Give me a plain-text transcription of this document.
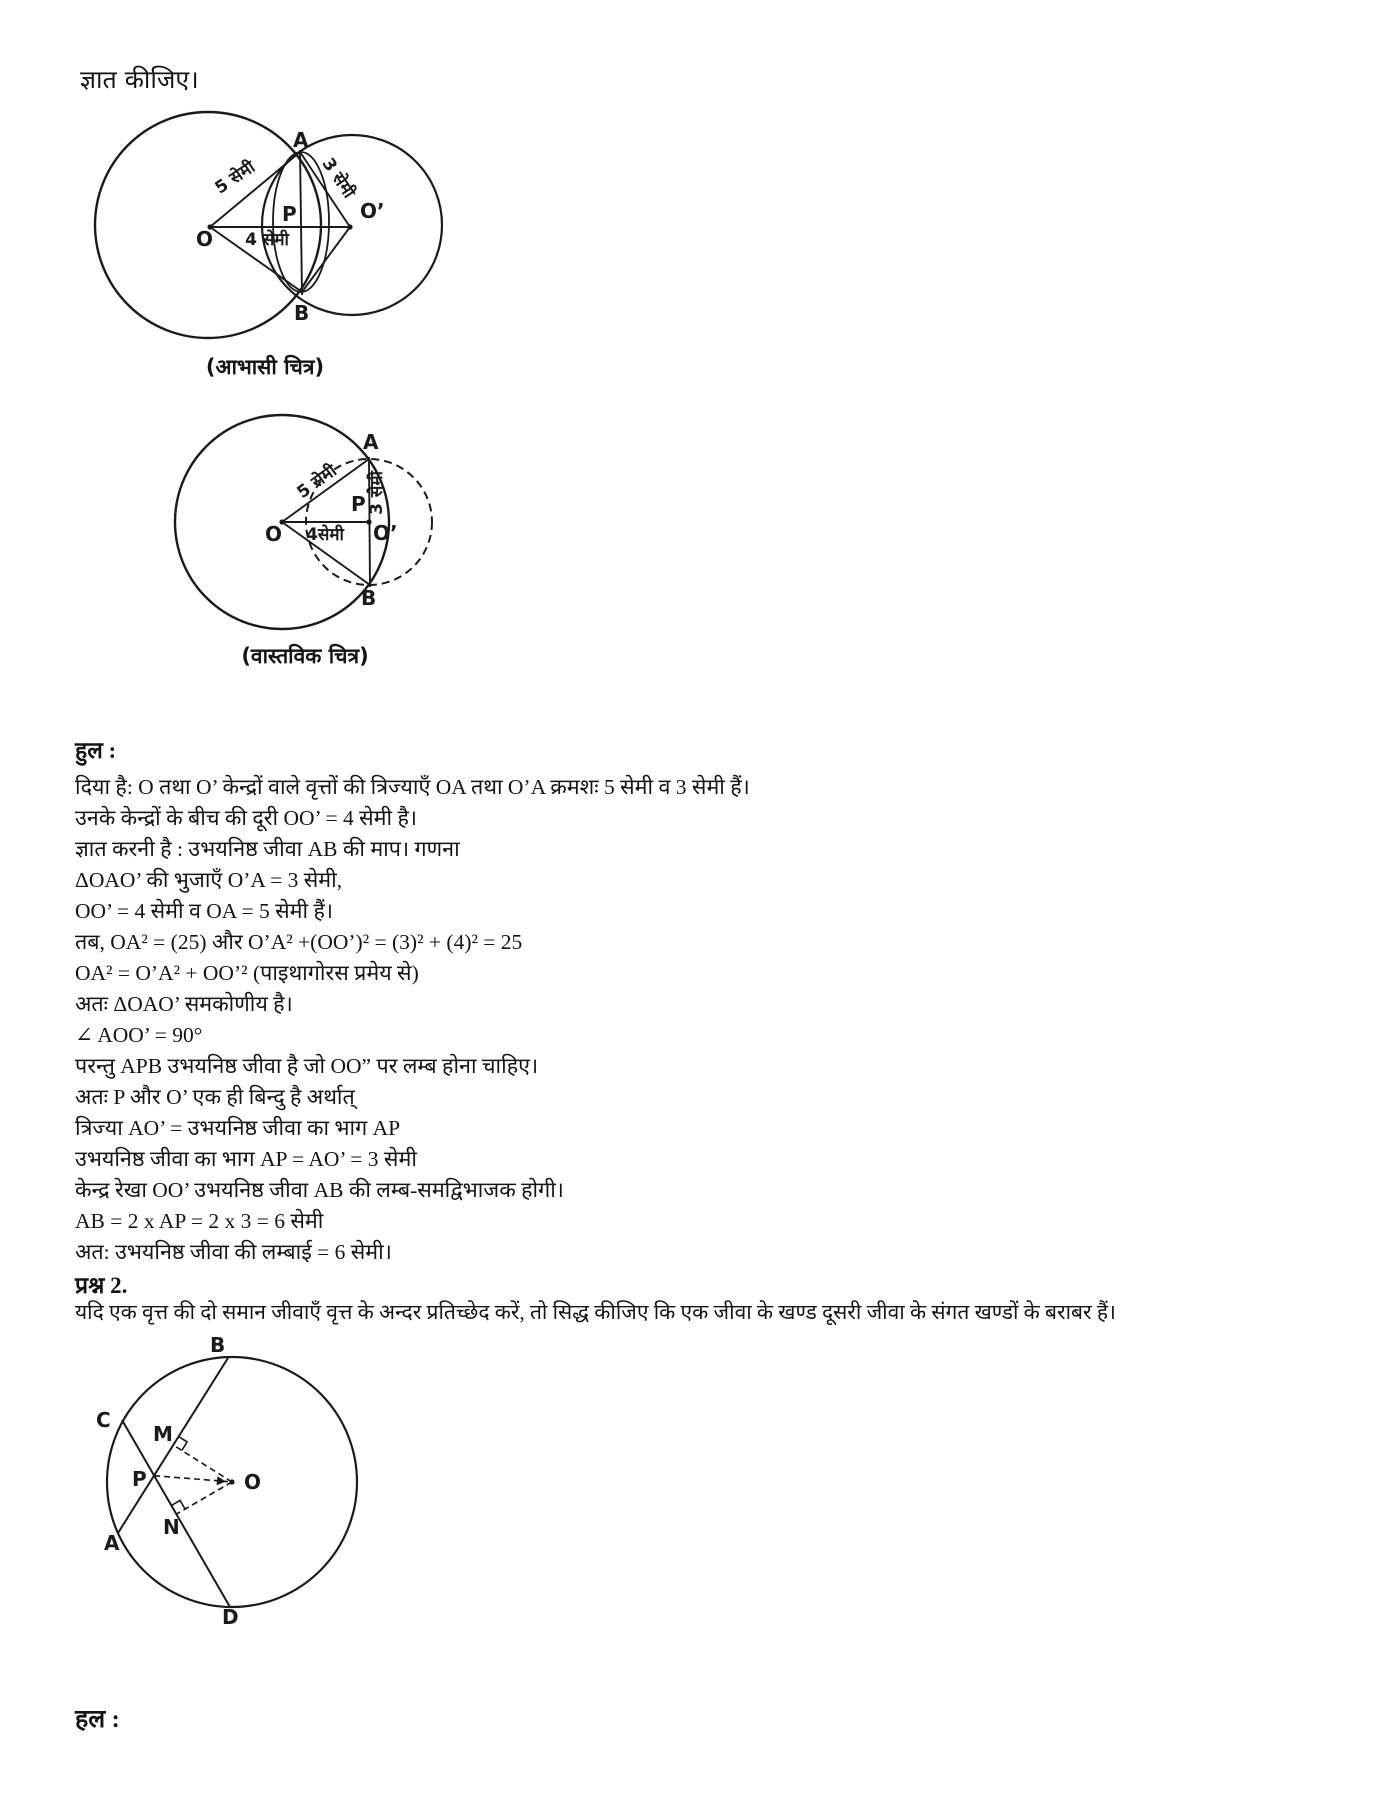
ज्ञात कीजिए।
A
B
O
O’
P
5 सेमी	3 सेमी
4 सेमी
(आभासी चित्र)
A
B
O
P
O’
5 सेमी 3 सेमी
4सेमी
(वास्तविक चित्र)
हुल :
दिया है: O तथा O’ केन्द्रों वाले वृत्तों की त्रिज्याएँ OA तथा O’A क्रमशः 5 सेमी व 3 सेमी हैं।
उनके केन्द्रों के बीच की दूरी OO’ = 4 सेमी है।
ज्ञात करनी है : उभयनिष्ठ जीवा AB की माप। गणना
ΔOAO’ की भुजाएँ O’A = 3 सेमी,
OO’ = 4 सेमी व OA = 5 सेमी हैं।
तब, OA² = (25) और O’A² +(OO’)² = (3)² + (4)² = 25
OA² = O’A² + OO’² (पाइथागोरस प्रमेय से)
अतः ΔOAO’ समकोणीय है।
∠ AOO’ = 90°
परन्तु APB उभयनिष्ठ जीवा है जो OO” पर लम्ब होना चाहिए।
अतः P और O’ एक ही बिन्दु है अर्थात्
त्रिज्या AO’ = उभयनिष्ठ जीवा का भाग AP
उभयनिष्ठ जीवा का भाग AP = AO’ = 3 सेमी
केन्द्र रेखा OO’ उभयनिष्ठ जीवा AB की लम्ब-समद्विभाजक होगी।
AB = 2 x AP = 2 x 3 = 6 सेमी
अत: उभयनिष्ठ जीवा की लम्बाई = 6 सेमी।
प्रश्न 2.
यदि एक वृत्त की दो समान जीवाएँ वृत्त के अन्दर प्रतिच्छेद करें, तो सिद्ध कीजिए कि एक जीवा के खण्ड दूसरी जीवा के संगत खण्डों के बराबर हैं।
B
C
M
P	O
N
A
D
हल :
